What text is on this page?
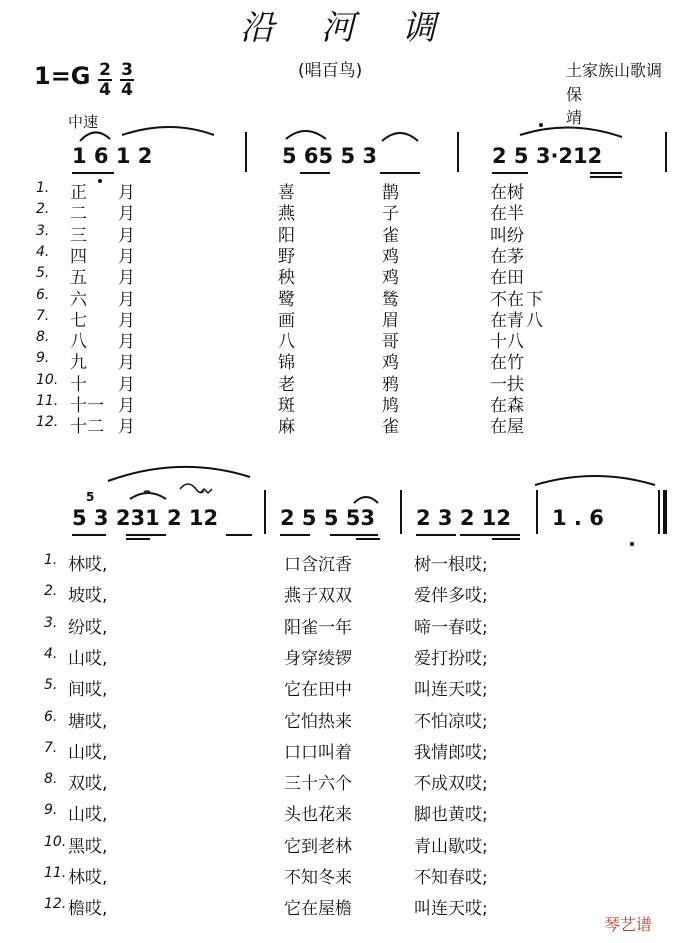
沿 河 调
(唱百鸟)
1=G 2
4
3
4
土家族山歌调
保 靖
中速
1 6 1 2	5 65 5 3	2 5 3·212
1. 正 月	喜	鹊	在树
2. 二 月	燕	子	在半
3. 三 月	阳	雀	叫纷
4. 四 月	野	鸡	在茅
5. 五 月	秧	鸡	在田
6. 六 月	鹭	鸶	不在 下
7. 七 月	画	眉	在青 八
8. 八 月	八	哥	十八
9. 九 月	锦	鸡	在竹
10. 十 月	老	鸦	一扶
11. 十一 月	斑	鸠	在森
12. 十二 月	麻	雀	在屋
5
5 3 231 2 12	2 5 5 53 2 3 2 12 1 . 6
1. 林哎,	口含沉香	树一根哎;
2. 坡哎,	燕子双双	爱伴多哎;
3. 纷哎,	阳雀一年	啼一春哎;
4. 山哎,	身穿绫锣	爱打扮哎;
5. 间哎,	它在田中	叫连天哎;
6. 塘哎,	它怕热来	不怕凉哎;
7. 山哎,	口口叫着	我情郎哎;
8. 双哎,	三十六个	不成双哎;
9. 山哎,	头也花来	脚也黄哎;
10. 黑哎,	它到老林	青山歇哎;
11. 林哎,	不知冬来	不知春哎;
12. 檐哎,	它在屋檐	叫连天哎;
琴艺谱
